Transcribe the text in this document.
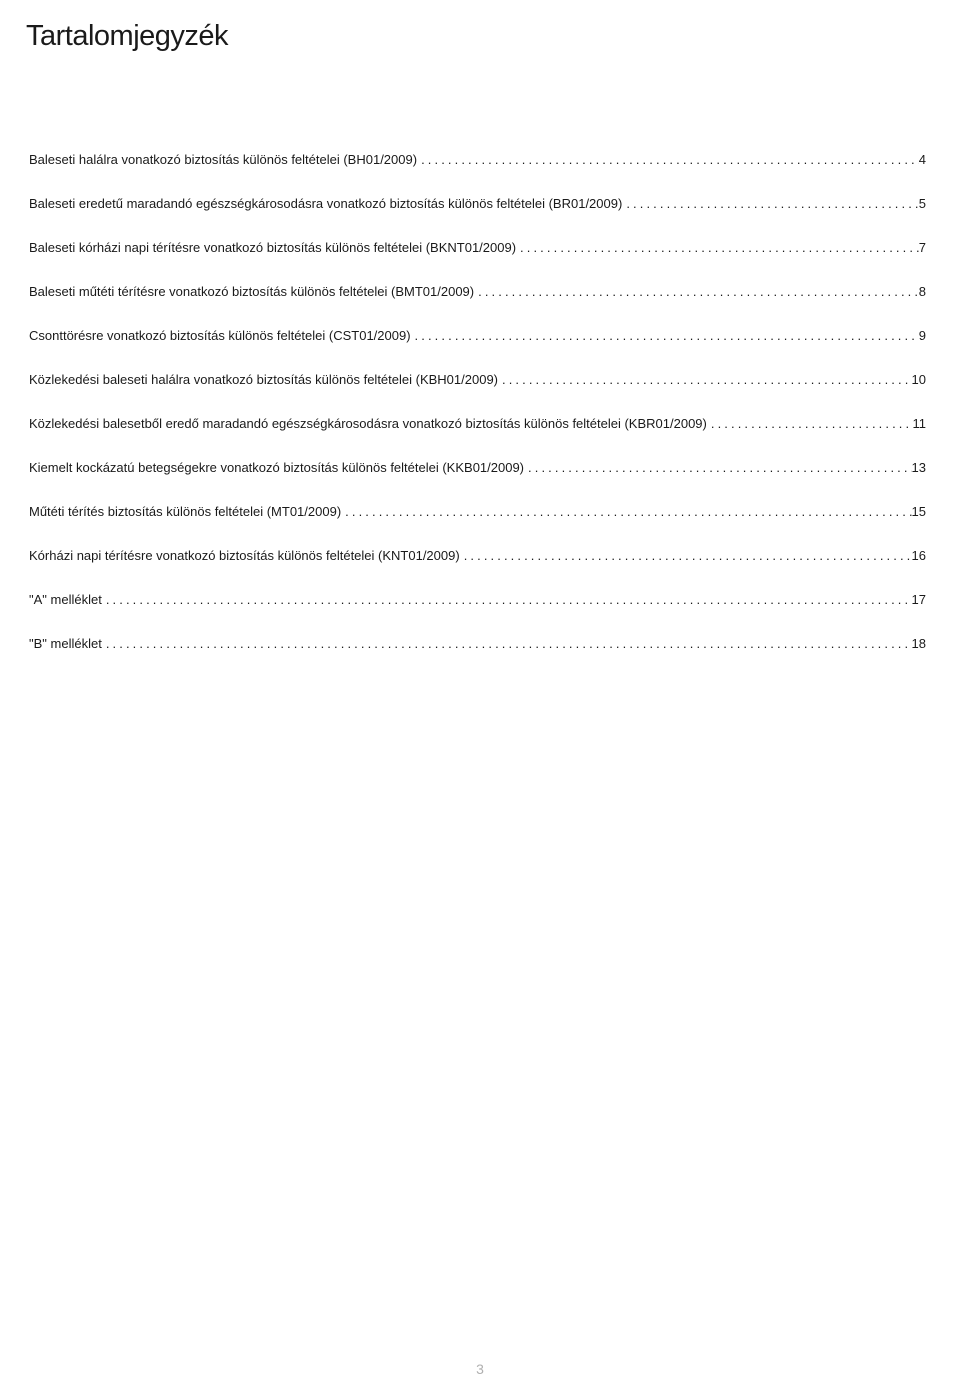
Tartalomjegyzék
Baleseti halálra vonatkozó biztosítás különös feltételei (BH01/2009) .....	4
Baleseti eredetű maradandó egészségkárosodásra vonatkozó biztosítás különös feltételei (BR01/2009) .....	5
Baleseti kórházi napi térítésre vonatkozó biztosítás különös feltételei (BKNT01/2009) .....	7
Baleseti műtéti térítésre vonatkozó biztosítás különös feltételei (BMT01/2009) .....	8
Csonttörésre vonatkozó biztosítás különös feltételei (CST01/2009) .....	9
Közlekedési baleseti halálra vonatkozó biztosítás különös feltételei (KBH01/2009) .....	10
Közlekedési balesetből eredő maradandó egészségkárosodásra vonatkozó biztosítás különös feltételei (KBR01/2009) .....	11
Kiemelt kockázatú betegségekre vonatkozó biztosítás különös feltételei (KKB01/2009) .....	13
Műtéti térítés biztosítás különös feltételei (MT01/2009) .....	15
Kórházi napi térítésre vonatkozó biztosítás különös feltételei (KNT01/2009) .....	16
"A" melléklet .....	17
"B" melléklet .....	18
3
